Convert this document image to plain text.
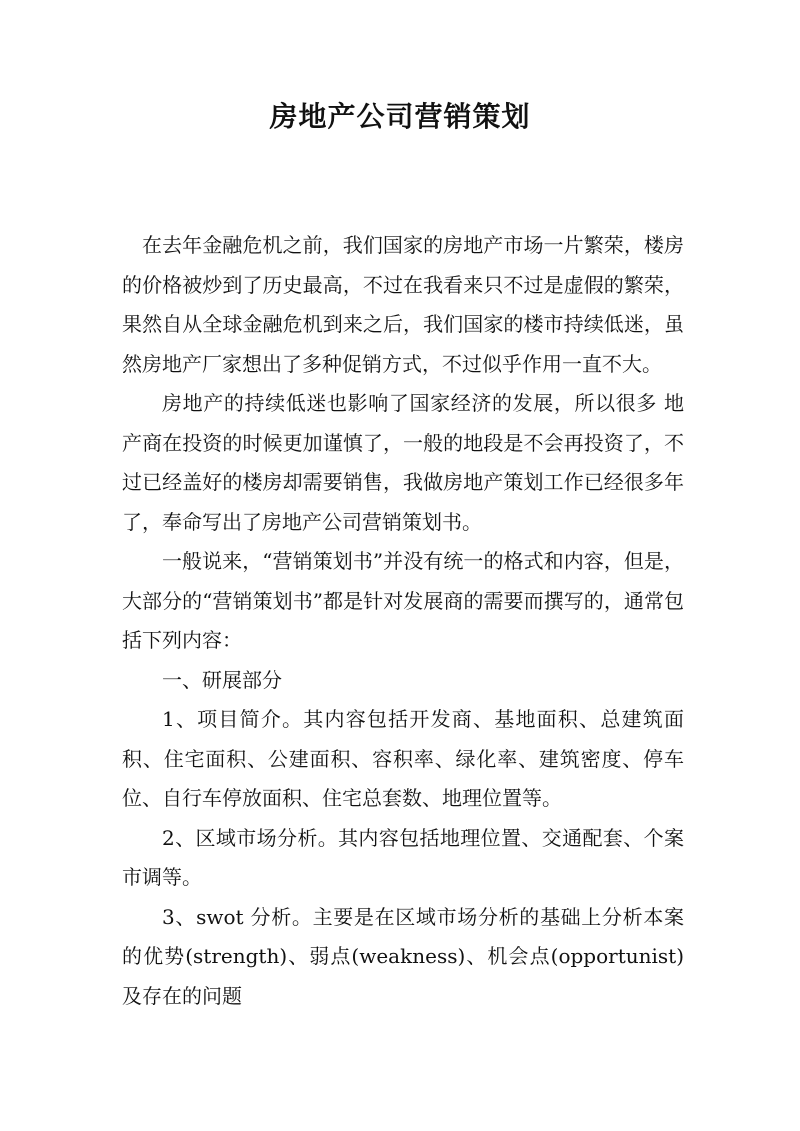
房地产公司营销策划

在去年金融危机之前，我们国家的房地产市场一片繁荣，楼房的价格被炒到了历史最高，不过在我看来只不过是虚假的繁荣，果然自从全球金融危机到来之后，我们国家的楼市持续低迷，虽然房地产厂家想出了多种促销方式，不过似乎作用一直不大。

房地产的持续低迷也影响了国家经济的发展，所以很多 地产商在投资的时候更加谨慎了，一般的地段是不会再投资了，不过已经盖好的楼房却需要销售，我做房地产策划工作已经很多年了，奉命写出了房地产公司营销策划书。

一般说来，“营销策划书”并没有统一的格式和内容，但是，大部分的“营销策划书”都是针对发展商的需要而撰写的，通常包括下列内容：

一、研展部分

1、项目简介。其内容包括开发商、基地面积、总建筑面积、住宅面积、公建面积、容积率、绿化率、建筑密度、停车位、自行车停放面积、住宅总套数、地理位置等。

2、区域市场分析。其内容包括地理位置、交通配套、个案市调等。

3、swot 分析。主要是在区域市场分析的基础上分析本案的优势(strength)、弱点(weakness)、机会点(opportunist)及存在的问题
